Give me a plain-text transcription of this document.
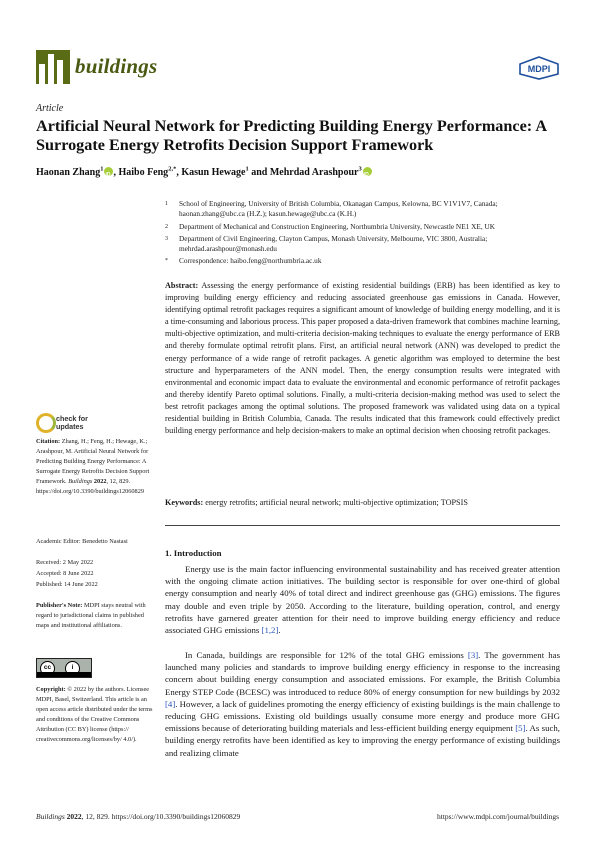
buildings	MDPI
Article
Artificial Neural Network for Predicting Building Energy Performance: A Surrogate Energy Retrofits Decision Support Framework
Haonan Zhang$^1$iD , Haibo Feng$^{2,*}$, Kasun Hewage$^1$ and Mehrdad Arashpour$^3$iD
1 School of Engineering, University of British Columbia, Okanagan Campus, Kelowna, BC V1V1V7, Canada; haonan.zhang@ubc.ca (H.Z.); kasun.hewage@ubc.ca (K.H.)
2 Department of Mechanical and Construction Engineering, Northumbria University, Newcastle NE1 XE, UK
3 Department of Civil Engineering, Clayton Campus, Monash University, Melbourne, VIC 3800, Australia; mehrdad.arashpour@monash.edu
* Correspondence: haibo.feng@northumbria.ac.uk
Abstract: Assessing the energy performance of existing residential buildings (ERB) has been identified as key to improving building energy efficiency and reducing associated greenhouse gas emissions in Canada. However, identifying optimal retrofit packages requires a significant amount of knowledge of building energy modelling, and it is a time-consuming and laborious process. This paper proposed a data-driven framework that combines machine learning, multi-objective optimization, and multi-criteria decision-making techniques to evaluate the energy performance of ERB and thereby formulate optimal retrofit plans. First, an artificial neural network (ANN) was developed to predict the energy performance of a wide range of retrofit packages. A genetic algorithm was employed to determine the best structure and hyperparameters of the ANN model. Then, the energy consumption results were integrated with environmental and economic impact data to evaluate the environmental and economic performance of retrofit packages and thereby identify Pareto optimal solutions. Finally, a multi-criteria decision-making method was used to select the best retrofit packages among the optimal solutions. The proposed framework was validated using data on a typical residential building in British Columbia, Canada. The results indicated that this framework could effectively predict building energy performance and help decision-makers to make an optimal decision when choosing retrofit packages.
Keywords: energy retrofits; artificial neural network; multi-objective optimization; TOPSIS
check for
updates
Citation: Zhang, H.; Feng, H.; Hewage, K.; Arashpour, M. Artificial Neural Network for Predicting Building Energy Performance: A Surrogate Energy Retrofits Decision Support Framework. Buildings 2022, 12, 829. https://doi.org/10.3390/buildings12060829
Academic Editor: Benedetto Nastasi
Received: 2 May 2022
Accepted: 8 June 2022
Published: 14 June 2022
Publisher's Note: MDPI stays neutral with regard to jurisdictional claims in published maps and institutional affiliations.
cc	i
Copyright: © 2022 by the authors. Licensee MDPI, Basel, Switzerland. This article is an open access article distributed under the terms and conditions of the Creative Commons Attribution (CC BY) license (https:// creativecommons.org/licenses/by/ 4.0/).
1. Introduction
Energy use is the main factor influencing environmental sustainability and has received greater attention with the ongoing climate action initiatives. The building sector is responsible for over one-third of global energy consumption and nearly 40% of total direct and indirect greenhouse gas (GHG) emissions. The figures may double and even triple by 2050. According to the literature, building operation, control, and energy retrofits have garnered greater attention for their need to improve building energy efficiency and reduce associated GHG emissions [1,2].
In Canada, buildings are responsible for 12% of the total GHG emissions [3]. The government has launched many policies and standards to improve building energy efficiency in response to the increasing concern about building energy consumption and associated emissions. For example, the British Columbia Energy STEP Code (BCESC) was introduced to reduce 80% of energy consumption for new buildings by 2032 [4]. However, a lack of guidelines promoting the energy efficiency of existing buildings is the main challenge to reducing GHG emissions. Existing old buildings usually consume more energy and produce more GHG emissions because of deteriorating building materials and less-efficient building energy equipment [5]. As such, building energy retrofits have been identified as key to improving the energy performance of existing buildings and realizing climate
Buildings 2022, 12, 829. https://doi.org/10.3390/buildings12060829	https://www.mdpi.com/journal/buildings
